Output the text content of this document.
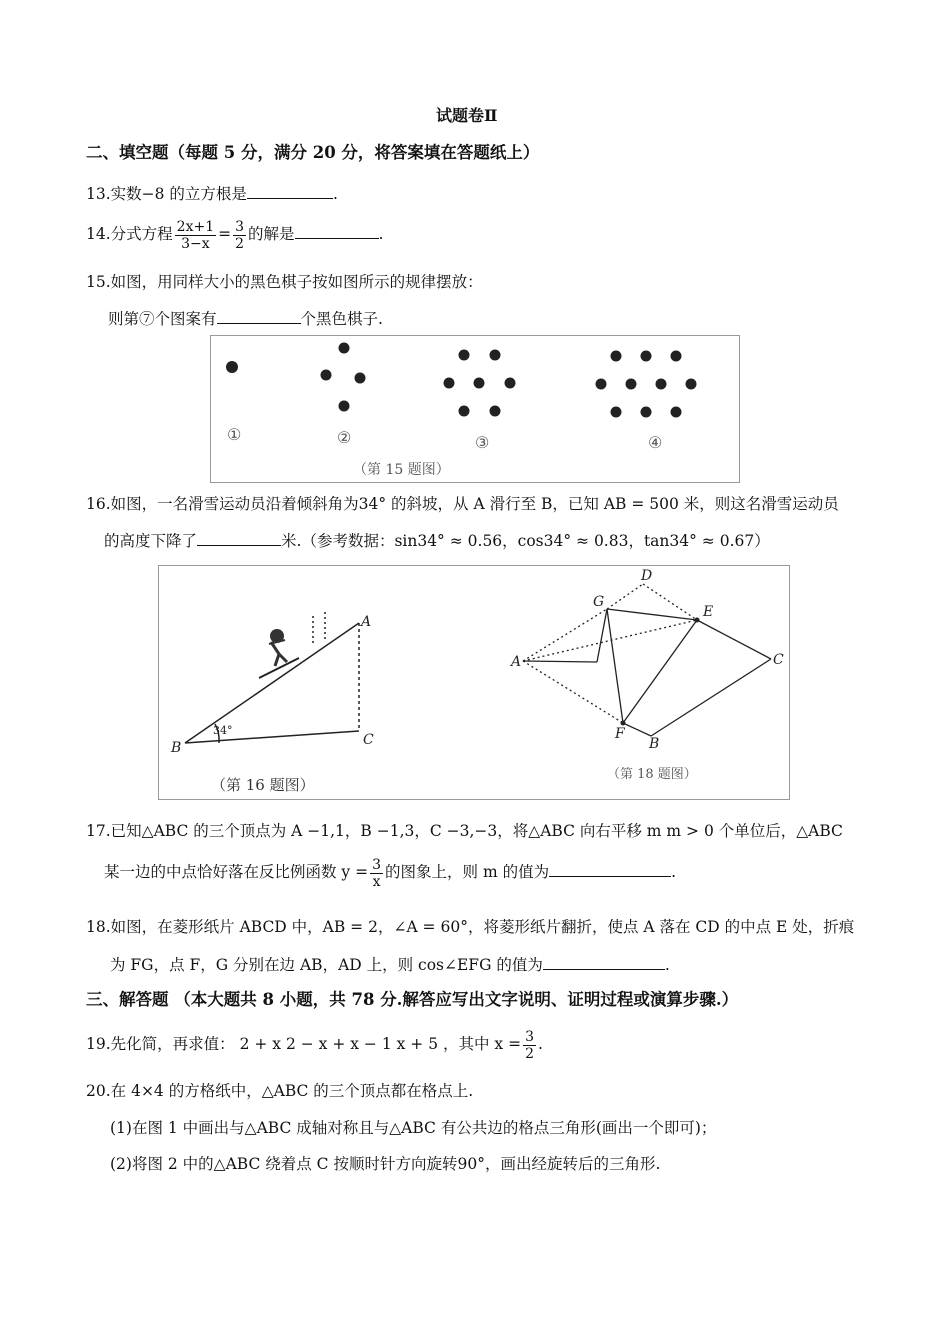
试题卷Ⅱ
二、填空题（每题 5 分，满分 20 分，将答案填在答题纸上）
13.实数−8 的立方根是	.
14.分式方程 $\frac{2x+1}{3-x} = \frac{3}{2}$ 的解是	.
15.如图，用同样大小的黑色棋子按如图所示的规律摆放：
则第⑦个图案有	个黑色棋子.
①	②	③	④
（第 15 题图）
16.如图，一名滑雪运动员沿着倾斜角为34° 的斜坡，从 A 滑行至 B，已知 AB = 500 米，则这名滑雪运动员
的高度下降了	米.（参考数据：sin34° ≈ 0.56，cos34° ≈ 0.83，tan34° ≈ 0.67）
A
B	C
34°
（第 16 题图）
D
G
E
A	C
F
B
（第 18 题图）
17.已知△ABC 的三个顶点为 A −1,1，B −1,3，C −3,−3，将△ABC 向右平移 m m > 0 个单位后，△ABC
某一边的中点恰好落在反比例函数 $y = \frac{3}{x}$ 的图象上，则 m 的值为	.
18.如图，在菱形纸片 ABCD 中，AB = 2，∠A = 60°，将菱形纸片翻折，使点 A 落在 CD 的中点 E 处，折痕
为 FG，点 F，G 分别在边 AB，AD 上，则 cos∠EFG 的值为	.
三、解答题 （本大题共 8 小题，共 78 分.解答应写出文字说明、证明过程或演算步骤.）
19.先化简，再求值： 2 + x 2 − x + x − 1 x + 5 ，其中 $x = \frac{3}{2}$ .
20.在 4×4 的方格纸中，△ABC 的三个顶点都在格点上.
(1)在图 1 中画出与△ABC 成轴对称且与△ABC 有公共边的格点三角形(画出一个即可)；
(2)将图 2 中的△ABC 绕着点 C 按顺时针方向旋转90°，画出经旋转后的三角形.
